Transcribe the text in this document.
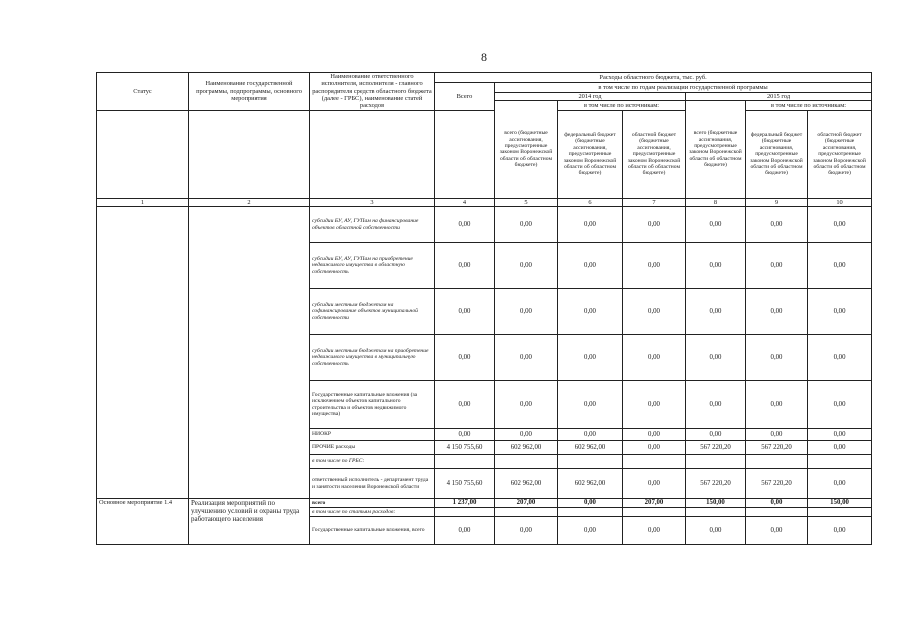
8
Статус	Наименование государственной программы, подпрограммы, основного мероприятия	Наименование ответственного исполнителя, исполнителя - главного распорядителя средств областного бюджета (далее - ГРБС), наименование статей расходов	Расходы областного бюджета, тыс. руб.						
			Всего	в том числе по годам реализации государственной программы					
				2014 год			2015 год		
				всего (бюджетные ассигнования, предусмотренные законом Воронежской области об областном бюджете)	в том числе по источникам:		всего (бюджетные ассигнования, предусмотренные законом Воронежской области об областном бюджете)	в том числе по источникам:	
					федеральный бюджет (бюджетные ассигнования, предусмотренные законом Воронежской области об областном бюджете)	областной бюджет (бюджетные ассигнования, предусмотренные законом Воронежской области об областном бюджете)		федеральный бюджет (бюджетные ассигнования, предусмотренные законом Воронежской области об областном бюджете)	областной бюджет (бюджетные ассигнования, предусмотренные законом Воронежской области об областном бюджете)
1	2	3	4	5	6	7	8	9	10
		субсидии БУ, АУ, ГУПам на финансирование объектов областной собственности	0,00	0,00	0,00	0,00	0,00	0,00	0,00
		субсидии БУ, АУ, ГУПам на приобретение недвижимого имущества в областную собственность	0,00	0,00	0,00	0,00	0,00	0,00	0,00
		субсидии местным бюджетам на софинансирование объектов муниципальной собственности	0,00	0,00	0,00	0,00	0,00	0,00	0,00
		субсидии местным бюджетам на приобретение недвижимого имущества в муниципальную собственность	0,00	0,00	0,00	0,00	0,00	0,00	0,00
		Государственные капитальные вложения (за исключением объектов капитального строительства и объектов недвижимого имущества)	0,00	0,00	0,00	0,00	0,00	0,00	0,00
		НИОКР	0,00	0,00	0,00	0,00	0,00	0,00	0,00
		ПРОЧИЕ расходы	4 150 755,60	602 962,00	602 962,00	0,00	567 220,20	567 220,20	0,00
		в том числе по ГРБС:							
		ответственный исполнитель - департамент труда и занятости населения Воронежской области	4 150 755,60	602 962,00	602 962,00	0,00	567 220,20	567 220,20	0,00
Основное мероприятие 1.4	Реализация мероприятий по улучшению условий и охраны труда работающего населения	всего	1 237,00	207,00	0,00	207,00	150,00	0,00	150,00
		в том числе по статьям расходов:							
		Государственные капитальные вложения, всего	0,00	0,00	0,00	0,00	0,00	0,00	0,00
